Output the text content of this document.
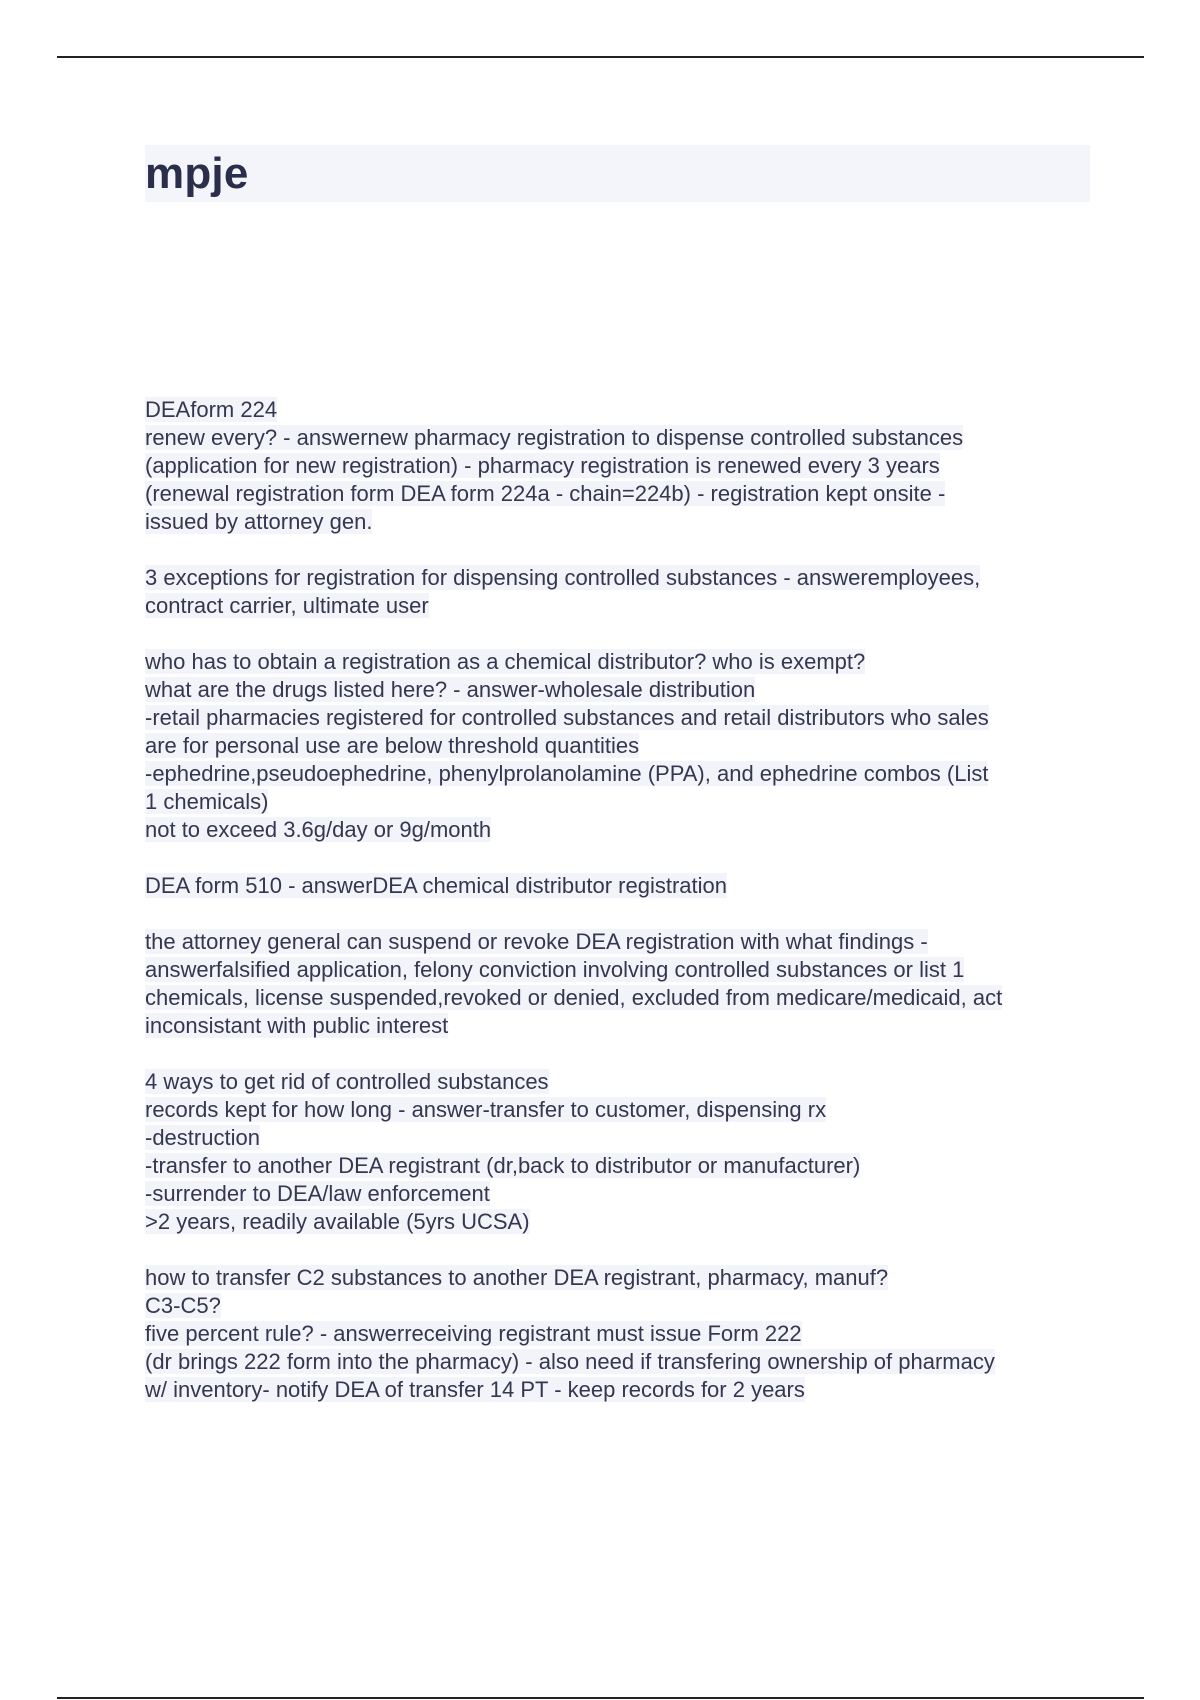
mpje
DEAform 224
renew every? - answernew pharmacy registration to dispense controlled substances
(application for new registration) - pharmacy registration is renewed every 3 years
(renewal registration form DEA form 224a - chain=224b) - registration kept onsite -
issued by attorney gen.
3 exceptions for registration for dispensing controlled substances - answeremployees,
contract carrier, ultimate user
who has to obtain a registration as a chemical distributor? who is exempt?
what are the drugs listed here? - answer-wholesale distribution
-retail pharmacies registered for controlled substances and retail distributors who sales
are for personal use are below threshold quantities
-ephedrine,pseudoephedrine, phenylprolanolamine (PPA), and ephedrine combos (List
1 chemicals)
not to exceed 3.6g/day or 9g/month
DEA form 510 - answerDEA chemical distributor registration
the attorney general can suspend or revoke DEA registration with what findings -
answerfalsified application, felony conviction involving controlled substances or list 1
chemicals, license suspended,revoked or denied, excluded from medicare/medicaid, act
inconsistant with public interest
4 ways to get rid of controlled substances
records kept for how long - answer-transfer to customer, dispensing rx
-destruction
-transfer to another DEA registrant (dr,back to distributor or manufacturer)
-surrender to DEA/law enforcement
>2 years, readily available (5yrs UCSA)
how to transfer C2 substances to another DEA registrant, pharmacy, manuf?
C3-C5?
five percent rule? - answerreceiving registrant must issue Form 222
(dr brings 222 form into the pharmacy) - also need if transfering ownership of pharmacy
w/ inventory- notify DEA of transfer 14 PT - keep records for 2 years
